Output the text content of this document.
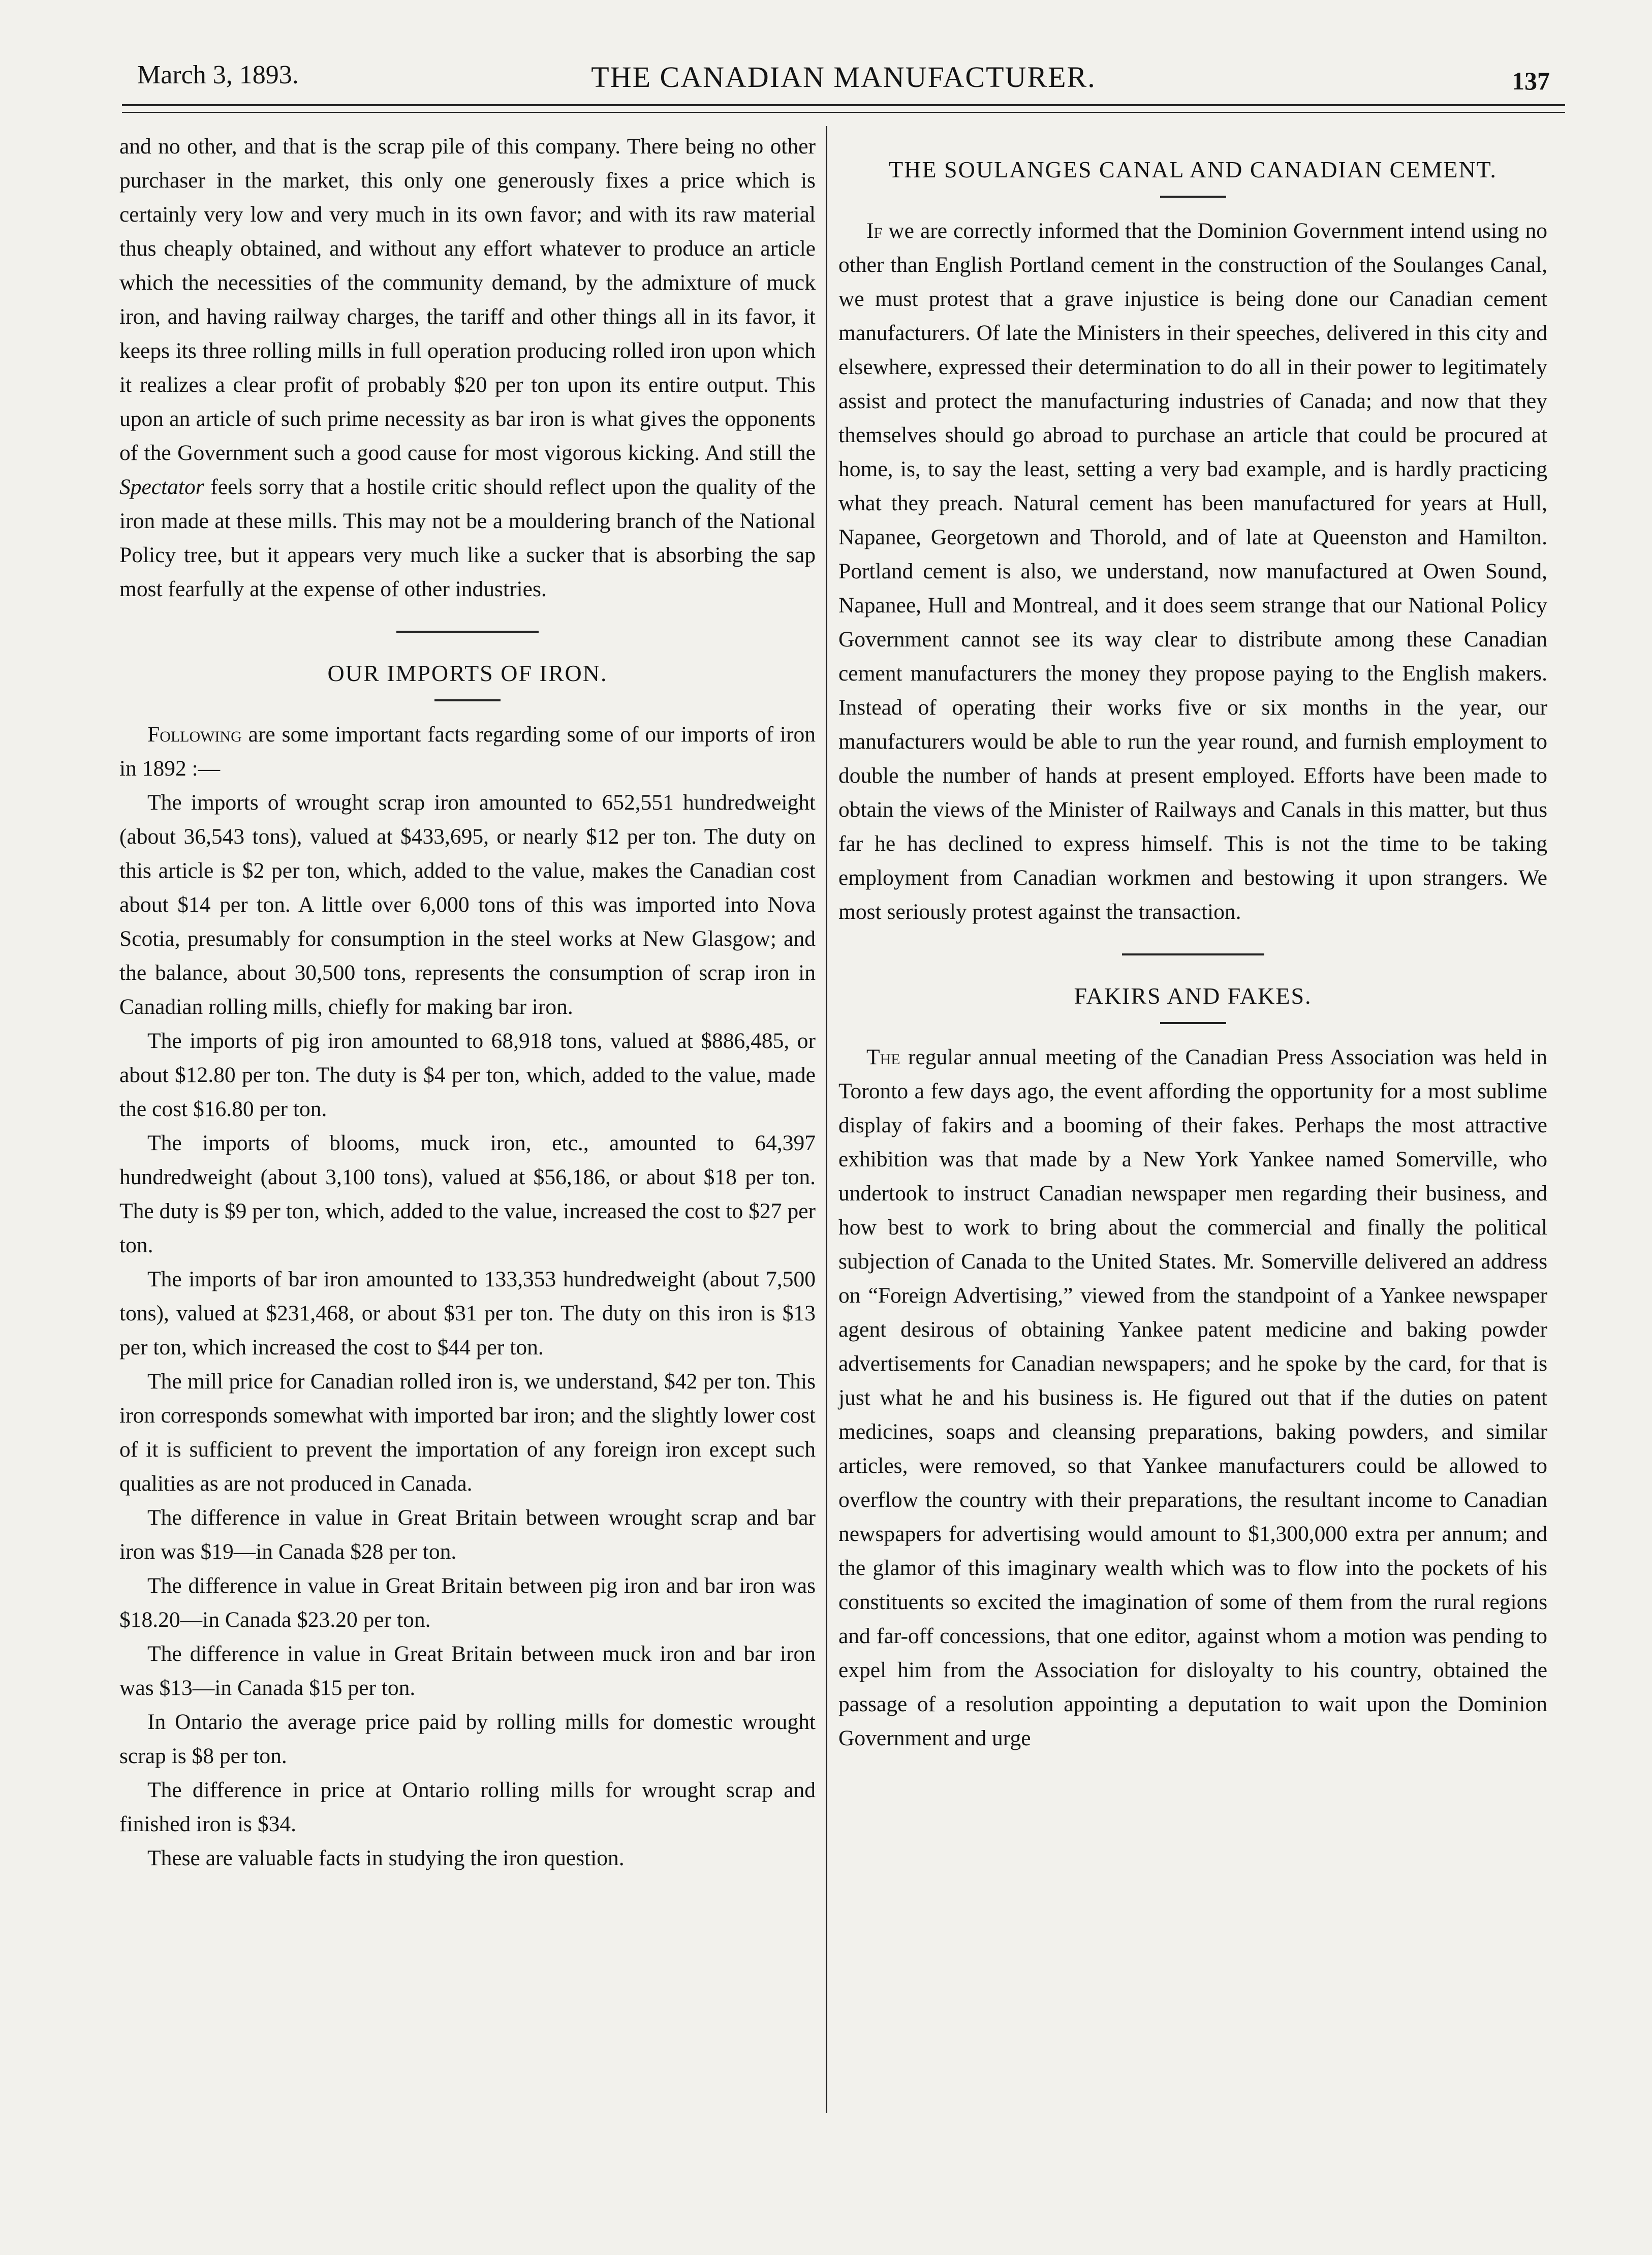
March 3, 1893.	THE CANADIAN MANUFACTURER.	137

and no other, and that is the scrap pile of this company. There being no other purchaser in the market, this only one generously fixes a price which is certainly very low and very much in its own favor; and with its raw material thus cheaply obtained, and without any effort whatever to produce an article which the necessities of the community demand, by the admixture of muck iron, and having railway charges, the tariff and other things all in its favor, it keeps its three rolling mills in full operation producing rolled iron upon which it realizes a clear profit of probably $20 per ton upon its entire output. This upon an article of such prime necessity as bar iron is what gives the opponents of the Government such a good cause for most vigorous kicking. And still the Spectator feels sorry that a hostile critic should reflect upon the quality of the iron made at these mills. This may not be a mouldering branch of the National Policy tree, but it appears very much like a sucker that is absorbing the sap most fearfully at the expense of other industries.

OUR IMPORTS OF IRON.

Following are some important facts regarding some of our imports of iron in 1892 :—

The imports of wrought scrap iron amounted to 652,551 hundredweight (about 36,543 tons), valued at $433,695, or nearly $12 per ton. The duty on this article is $2 per ton, which, added to the value, makes the Canadian cost about $14 per ton. A little over 6,000 tons of this was imported into Nova Scotia, presumably for consumption in the steel works at New Glasgow; and the balance, about 30,500 tons, represents the consumption of scrap iron in Canadian rolling mills, chiefly for making bar iron.

The imports of pig iron amounted to 68,918 tons, valued at $886,485, or about $12.80 per ton. The duty is $4 per ton, which, added to the value, made the cost $16.80 per ton.

The imports of blooms, muck iron, etc., amounted to 64,397 hundredweight (about 3,100 tons), valued at $56,186, or about $18 per ton. The duty is $9 per ton, which, added to the value, increased the cost to $27 per ton.

The imports of bar iron amounted to 133,353 hundredweight (about 7,500 tons), valued at $231,468, or about $31 per ton. The duty on this iron is $13 per ton, which increased the cost to $44 per ton.

The mill price for Canadian rolled iron is, we understand, $42 per ton. This iron corresponds somewhat with imported bar iron; and the slightly lower cost of it is sufficient to prevent the importation of any foreign iron except such qualities as are not produced in Canada.

The difference in value in Great Britain between wrought scrap and bar iron was $19—in Canada $28 per ton.

The difference in value in Great Britain between pig iron and bar iron was $18.20—in Canada $23.20 per ton.

The difference in value in Great Britain between muck iron and bar iron was $13—in Canada $15 per ton.

In Ontario the average price paid by rolling mills for domestic wrought scrap is $8 per ton.

The difference in price at Ontario rolling mills for wrought scrap and finished iron is $34.

These are valuable facts in studying the iron question.

THE SOULANGES CANAL AND CANADIAN CEMENT.

If we are correctly informed that the Dominion Government intend using no other than English Portland cement in the construction of the Soulanges Canal, we must protest that a grave injustice is being done our Canadian cement manufacturers. Of late the Ministers in their speeches, delivered in this city and elsewhere, expressed their determination to do all in their power to legitimately assist and protect the manufacturing industries of Canada; and now that they themselves should go abroad to purchase an article that could be procured at home, is, to say the least, setting a very bad example, and is hardly practicing what they preach. Natural cement has been manufactured for years at Hull, Napanee, Georgetown and Thorold, and of late at Queenston and Hamilton. Portland cement is also, we understand, now manufactured at Owen Sound, Napanee, Hull and Montreal, and it does seem strange that our National Policy Government cannot see its way clear to distribute among these Canadian cement manufacturers the money they propose paying to the English makers. Instead of operating their works five or six months in the year, our manufacturers would be able to run the year round, and furnish employment to double the number of hands at present employed. Efforts have been made to obtain the views of the Minister of Railways and Canals in this matter, but thus far he has declined to express himself. This is not the time to be taking employment from Canadian workmen and bestowing it upon strangers. We most seriously protest against the transaction.

FAKIRS AND FAKES.

The regular annual meeting of the Canadian Press Association was held in Toronto a few days ago, the event affording the opportunity for a most sublime display of fakirs and a booming of their fakes. Perhaps the most attractive exhibition was that made by a New York Yankee named Somerville, who undertook to instruct Canadian newspaper men regarding their business, and how best to work to bring about the commercial and finally the political subjection of Canada to the United States. Mr. Somerville delivered an address on “Foreign Advertising,” viewed from the standpoint of a Yankee newspaper agent desirous of obtaining Yankee patent medicine and baking powder advertisements for Canadian newspapers; and he spoke by the card, for that is just what he and his business is. He figured out that if the duties on patent medicines, soaps and cleansing preparations, baking powders, and similar articles, were removed, so that Yankee manufacturers could be allowed to overflow the country with their preparations, the resultant income to Canadian newspapers for advertising would amount to $1,300,000 extra per annum; and the glamor of this imaginary wealth which was to flow into the pockets of his constituents so excited the imagination of some of them from the rural regions and far-off concessions, that one editor, against whom a motion was pending to expel him from the Association for disloyalty to his country, obtained the passage of a resolution appointing a deputation to wait upon the Dominion Government and urge
